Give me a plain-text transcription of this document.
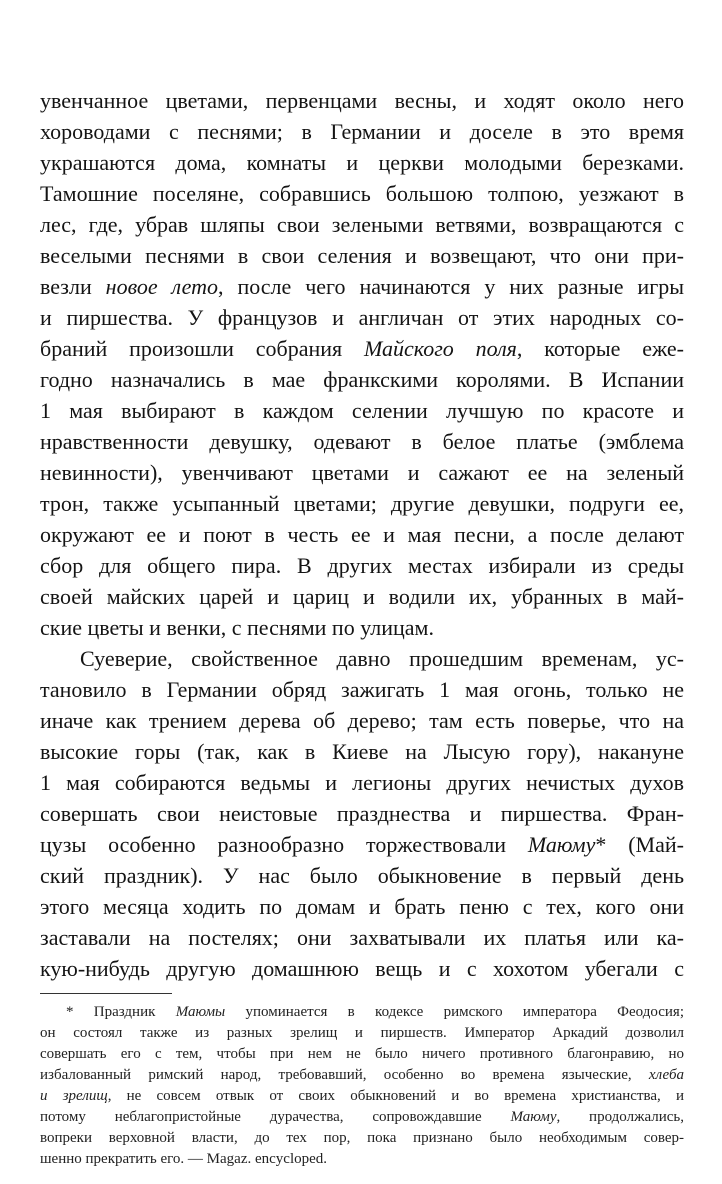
увенчанное цветами, первенцами весны, и ходят около него
хороводами с песнями; в Германии и доселе в это время
украшаются дома, комнаты и церкви молодыми березками.
Тамошние поселяне, собравшись большою толпою, уезжают в
лес, где, убрав шляпы свои зелеными ветвями, возвращаются с
веселыми песнями в свои селения и возвещают, что они при-
везли новое лето, после чего начинаются у них разные игры
и пиршества. У французов и англичан от этих народных со-
браний произошли собрания Майского поля, которые еже-
годно назначались в мае франкскими королями. В Испании
1 мая выбирают в каждом селении лучшую по красоте и
нравственности девушку, одевают в белое платье (эмблема
невинности), увенчивают цветами и сажают ее на зеленый
трон, также усыпанный цветами; другие девушки, подруги ее,
окружают ее и поют в честь ее и мая песни, а после делают
сбор для общего пира. В других местах избирали из среды
своей майских царей и цариц и водили их, убранных в май-
ские цветы и венки, с песнями по улицам.
Суеверие, свойственное давно прошедшим временам, ус-
тановило в Германии обряд зажигать 1 мая огонь, только не
иначе как трением дерева об дерево; там есть поверье, что на
высокие горы (так, как в Киеве на Лысую гору), накануне
1 мая собираются ведьмы и легионы других нечистых духов
совершать свои неистовые празднества и пиршества. Фран-
цузы особенно разнообразно торжествовали Маюму* (Май-
ский праздник). У нас было обыкновение в первый день
этого месяца ходить по домам и брать пеню с тех, кого они
заставали на постелях; они захватывали их платья или ка-
кую-нибудь другую домашнюю вещь и с хохотом убегали с
* Праздник Маюмы упоминается в кодексе римского императора Феодосия;
он состоял также из разных зрелищ и пиршеств. Император Аркадий дозволил
совершать его с тем, чтобы при нем не было ничего противного благонравию, но
избалованный римский народ, требовавший, особенно во времена языческие, хлеба
и зрелищ, не совсем отвык от своих обыкновений и во времена христианства, и
потому неблагопристойные дурачества, сопровождавшие Маюму, продолжались,
вопреки верховной власти, до тех пор, пока признано было необходимым совер-
шенно прекратить его. — Magaz. encycloped.
